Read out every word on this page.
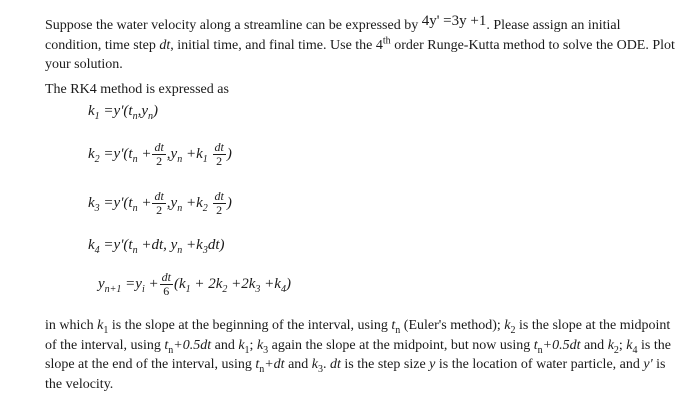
Suppose the water velocity along a streamline can be expressed by 4y' =3y +1. Please assign an initial condition, time step dt, initial time, and final time. Use the 4th order Runge-Kutta method to solve the ODE. Plot your solution.

The RK4 method is expressed as

$k_1 =y'(t_n,y_n)$
$k_2 =y'(t_n + \frac{dt}{2} ,y_n +k_1 \frac{dt}{2}$ )
$k_3 =y'(t_n + \frac{dt}{2} ,y_n +k_2 \frac{dt}{2}$ )
$k_4 =y'(t_n +dt$, $y_n +k_3dt$)
$y_{n+1} =y_i + \frac{dt}{6} (k_1 + 2k_2 +2k_3 +k_4)$

in which $k_1$ is the slope at the beginning of the interval, using $t_n$ (Euler's method); $k_2$ is the slope at the midpoint of the interval, using $t_n+0.5dt$ and $k_1$; $k_3$ again the slope at the midpoint, but now using $t_n+0.5dt$ and $k_2$; $k_4$ is the slope at the end of the interval, using $t_n+dt$ and $k_3$. dt is the step size y is the location of water particle, and y' is the velocity.
